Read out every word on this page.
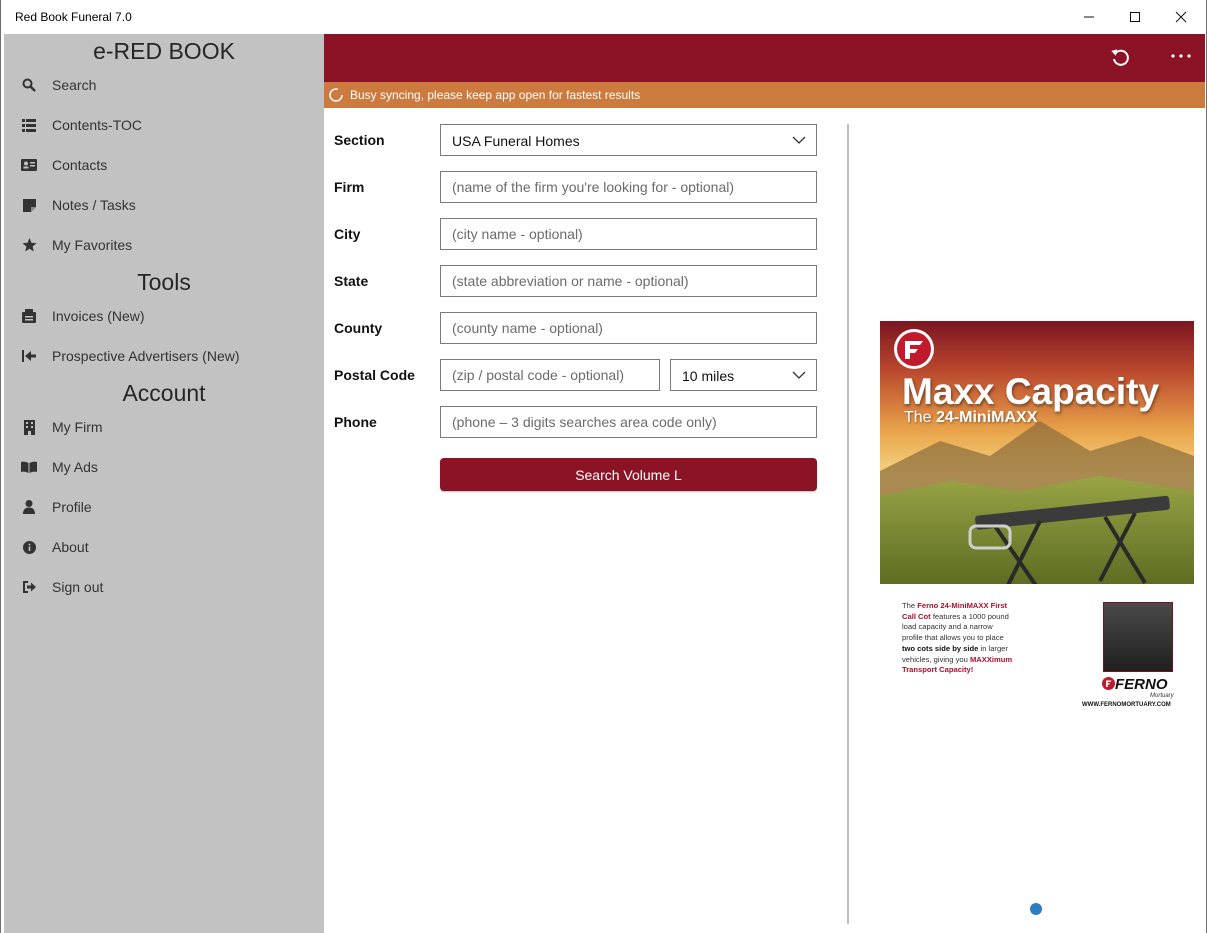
Red Book Funeral 7.0
e-RED BOOK
Search
Contents-TOC
Contacts
Notes / Tasks
My Favorites
Tools
Invoices (New)
Prospective Advertisers (New)
Account
My Firm
My Ads
Profile
About
Sign out
Busy syncing, please keep app open for fastest results
Section	USA Funeral Homes
Firm
(name of the firm you're looking for - optional)
City
(city name - optional)
State
(state abbreviation or name - optional)
County
(county name - optional)
Postal Code
(zip / postal code - optional)	10 miles
Phone
(phone – 3 digits searches area code only)
Search Volume L
Maxx Capacity
The 24-MiniMAXX
The Ferno 24-MiniMAXX First Call Cot features a 1000 pound load capacity and a narrow profile that allows you to place two cots side by side in larger vehicles, giving you MAXXimum Transport Capacity!
FERNO
Mortuary
WWW.FERNOMORTUARY.COM
